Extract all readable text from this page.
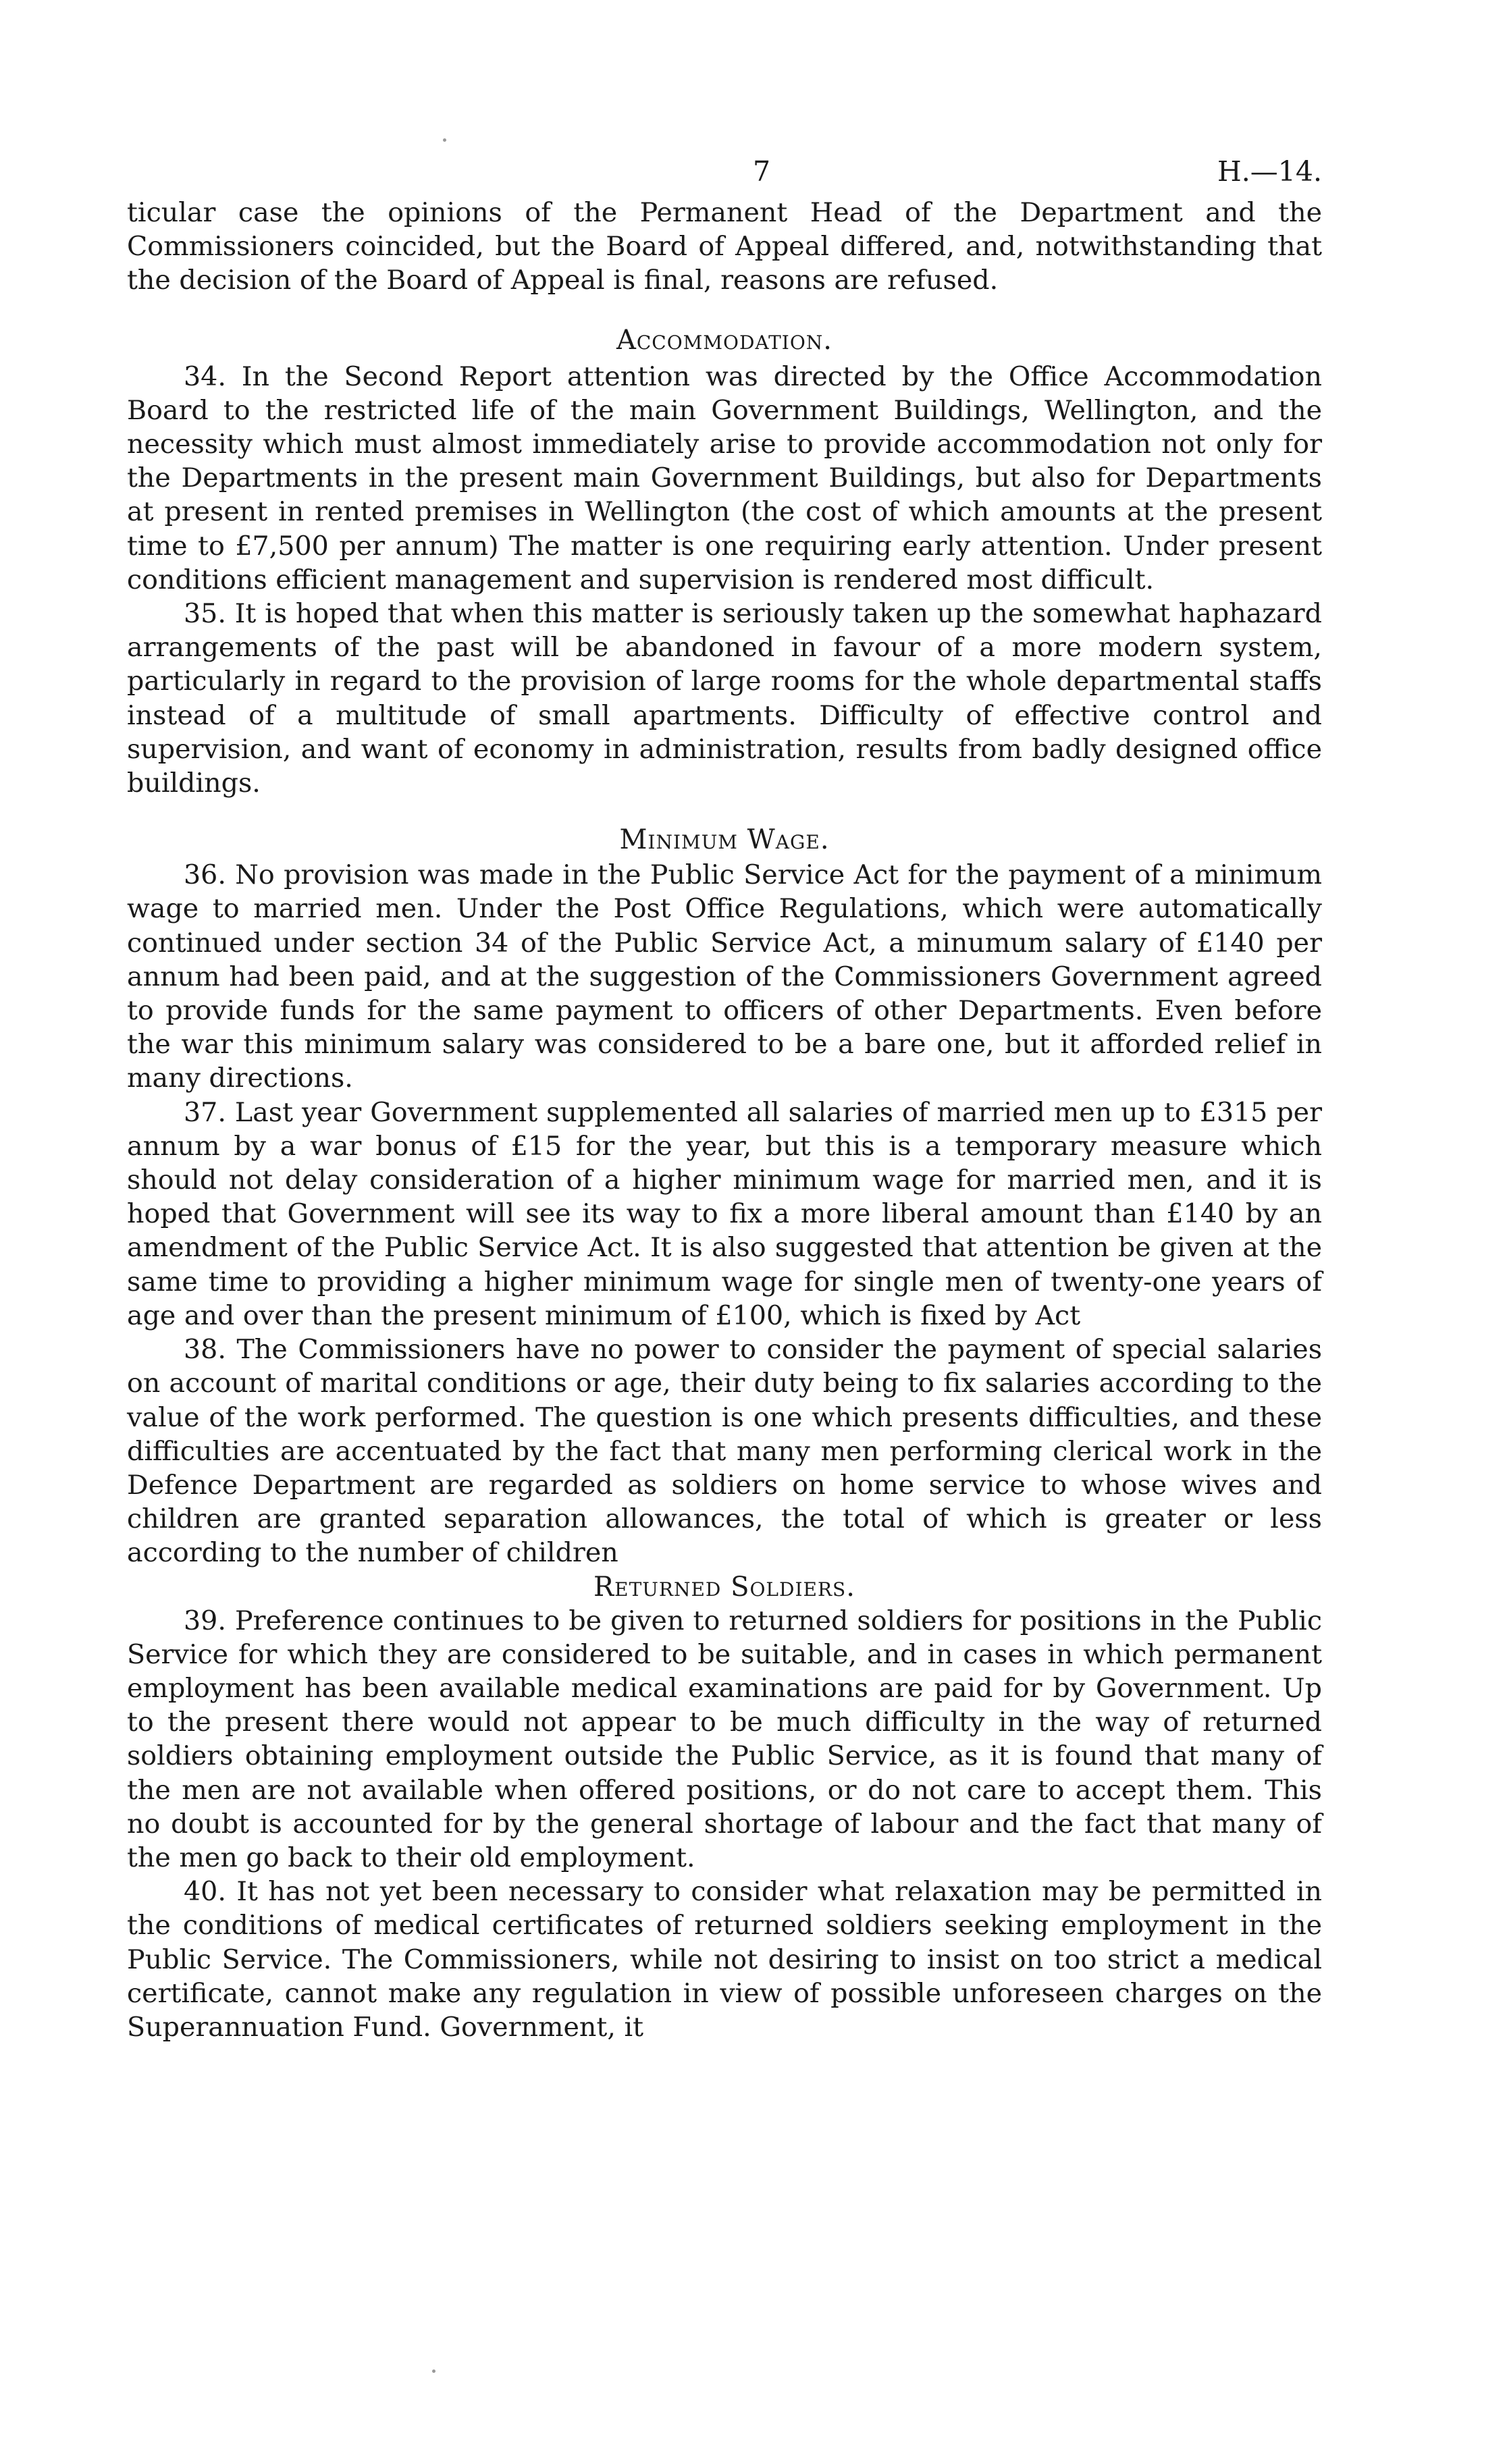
7	H.—14.

ticular case the opinions of the Permanent Head of the Department and the Commissioners coincided, but the Board of Appeal differed, and, notwithstanding that the decision of the Board of Appeal is final, reasons are refused.

Accommodation.

34. In the Second Report attention was directed by the Office Accommodation Board to the restricted life of the main Government Buildings, Wellington, and the necessity which must almost immediately arise to provide accommodation not only for the Departments in the present main Government Buildings, but also for Departments at present in rented premises in Wellington (the cost of which amounts at the present time to £7,500 per annum) The matter is one requiring early attention. Under present conditions efficient management and supervision is rendered most difficult.

35. It is hoped that when this matter is seriously taken up the somewhat haphazard arrangements of the past will be abandoned in favour of a more modern system, particularly in regard to the provision of large rooms for the whole departmental staffs instead of a multitude of small apartments. Difficulty of effective control and supervision, and want of economy in administration, results from badly designed office buildings.

Minimum Wage.

36. No provision was made in the Public Service Act for the payment of a minimum wage to married men. Under the Post Office Regulations, which were automatically continued under section 34 of the Public Service Act, a minumum salary of £140 per annum had been paid, and at the suggestion of the Commissioners Government agreed to provide funds for the same payment to officers of other Departments. Even before the war this minimum salary was considered to be a bare one, but it afforded relief in many directions.

37. Last year Government supplemented all salaries of married men up to £315 per annum by a war bonus of £15 for the year, but this is a temporary measure which should not delay consideration of a higher minimum wage for married men, and it is hoped that Government will see its way to fix a more liberal amount than £140 by an amendment of the Public Service Act. It is also suggested that attention be given at the same time to providing a higher minimum wage for single men of twenty-one years of age and over than the present minimum of £100, which is fixed by Act

38. The Commissioners have no power to consider the payment of special salaries on account of marital conditions or age, their duty being to fix salaries according to the value of the work performed. The question is one which presents difficulties, and these difficulties are accentuated by the fact that many men performing clerical work in the Defence Department are regarded as soldiers on home service to whose wives and children are granted separation allowances, the total of which is greater or less according to the number of children

Returned Soldiers.

39. Preference continues to be given to returned soldiers for positions in the Public Service for which they are considered to be suitable, and in cases in which permanent employment has been available medical examinations are paid for by Government. Up to the present there would not appear to be much difficulty in the way of returned soldiers obtaining employment outside the Public Service, as it is found that many of the men are not available when offered positions, or do not care to accept them. This no doubt is accounted for by the general shortage of labour and the fact that many of the men go back to their old employment.

40. It has not yet been necessary to consider what relaxation may be permitted in the conditions of medical certificates of returned soldiers seeking employment in the Public Service. The Commissioners, while not desiring to insist on too strict a medical certificate, cannot make any regulation in view of possible unforeseen charges on the Superannuation Fund. Government, it
